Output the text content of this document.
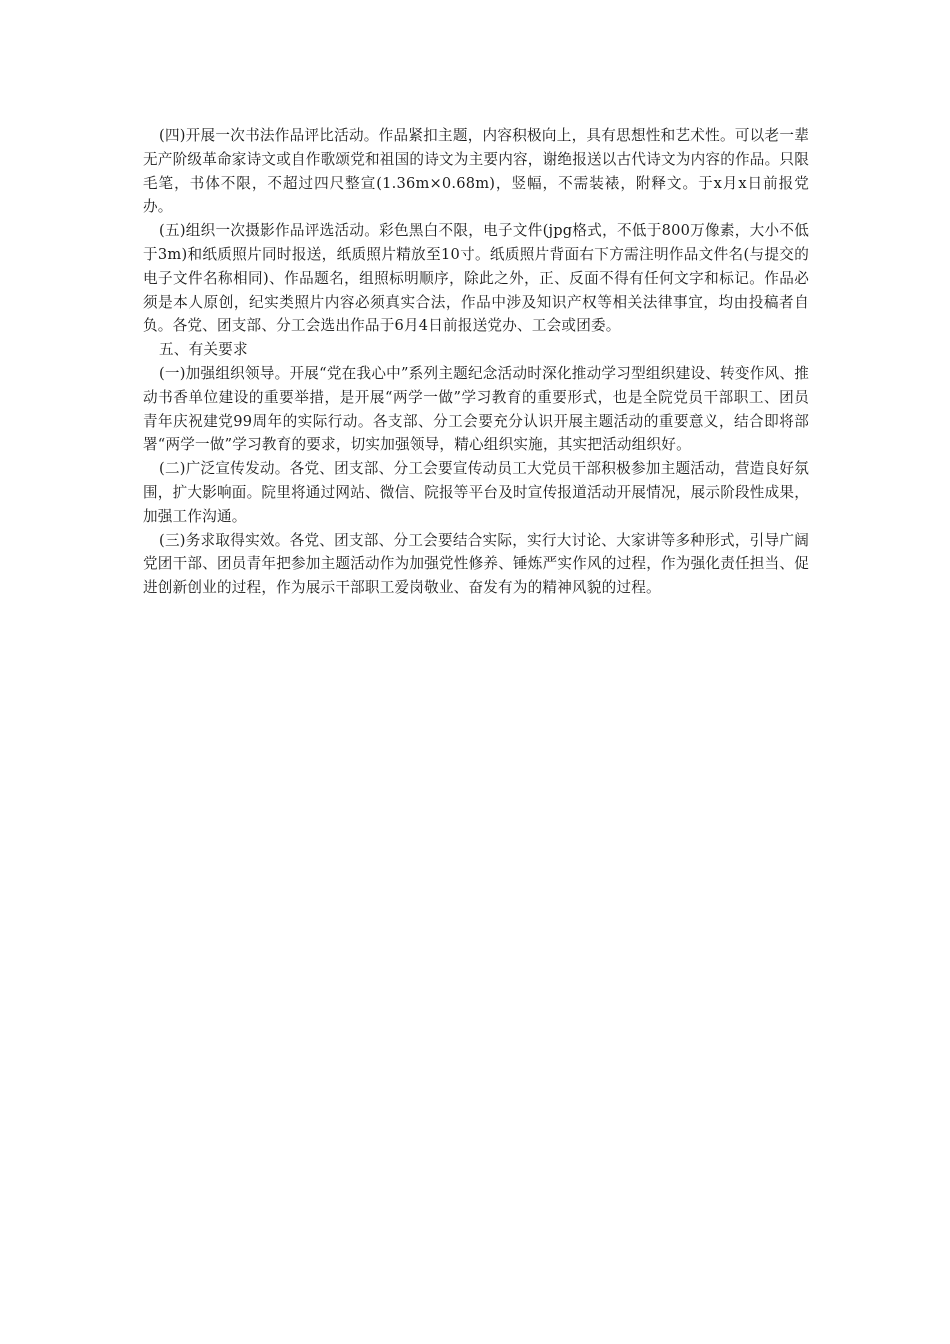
(四)开展一次书法作品评比活动。作品紧扣主题，内容积极向上，具有思想性和艺术性。可以老一辈无产阶级革命家诗文或自作歌颂党和祖国的诗文为主要内容，谢绝报送以古代诗文为内容的作品。只限毛笔，书体不限，不超过四尺整宣(1.36m×0.68m)，竖幅，不需装裱，附释文。于x月x日前报党办。

(五)组织一次摄影作品评选活动。彩色黑白不限，电子文件(jpg格式，不低于800万像素，大小不低于3m)和纸质照片同时报送，纸质照片精放至10寸。纸质照片背面右下方需注明作品文件名(与提交的电子文件名称相同)、作品题名，组照标明顺序，除此之外，正、反面不得有任何文字和标记。作品必须是本人原创，纪实类照片内容必须真实合法，作品中涉及知识产权等相关法律事宜，均由投稿者自负。各党、团支部、分工会选出作品于6月4日前报送党办、工会或团委。

五、有关要求

(一)加强组织领导。开展“党在我心中”系列主题纪念活动时深化推动学习型组织建设、转变作风、推动书香单位建设的重要举措，是开展“两学一做”学习教育的重要形式，也是全院党员干部职工、团员青年庆祝建党99周年的实际行动。各支部、分工会要充分认识开展主题活动的重要意义，结合即将部署“两学一做”学习教育的要求，切实加强领导，精心组织实施，其实把活动组织好。

(二)广泛宣传发动。各党、团支部、分工会要宣传动员工大党员干部积极参加主题活动，营造良好氛围，扩大影响面。院里将通过网站、微信、院报等平台及时宣传报道活动开展情况，展示阶段性成果，加强工作沟通。

(三)务求取得实效。各党、团支部、分工会要结合实际，实行大讨论、大家讲等多种形式，引导广阔党团干部、团员青年把参加主题活动作为加强党性修养、锤炼严实作风的过程，作为强化责任担当、促进创新创业的过程，作为展示干部职工爱岗敬业、奋发有为的精神风貌的过程。
